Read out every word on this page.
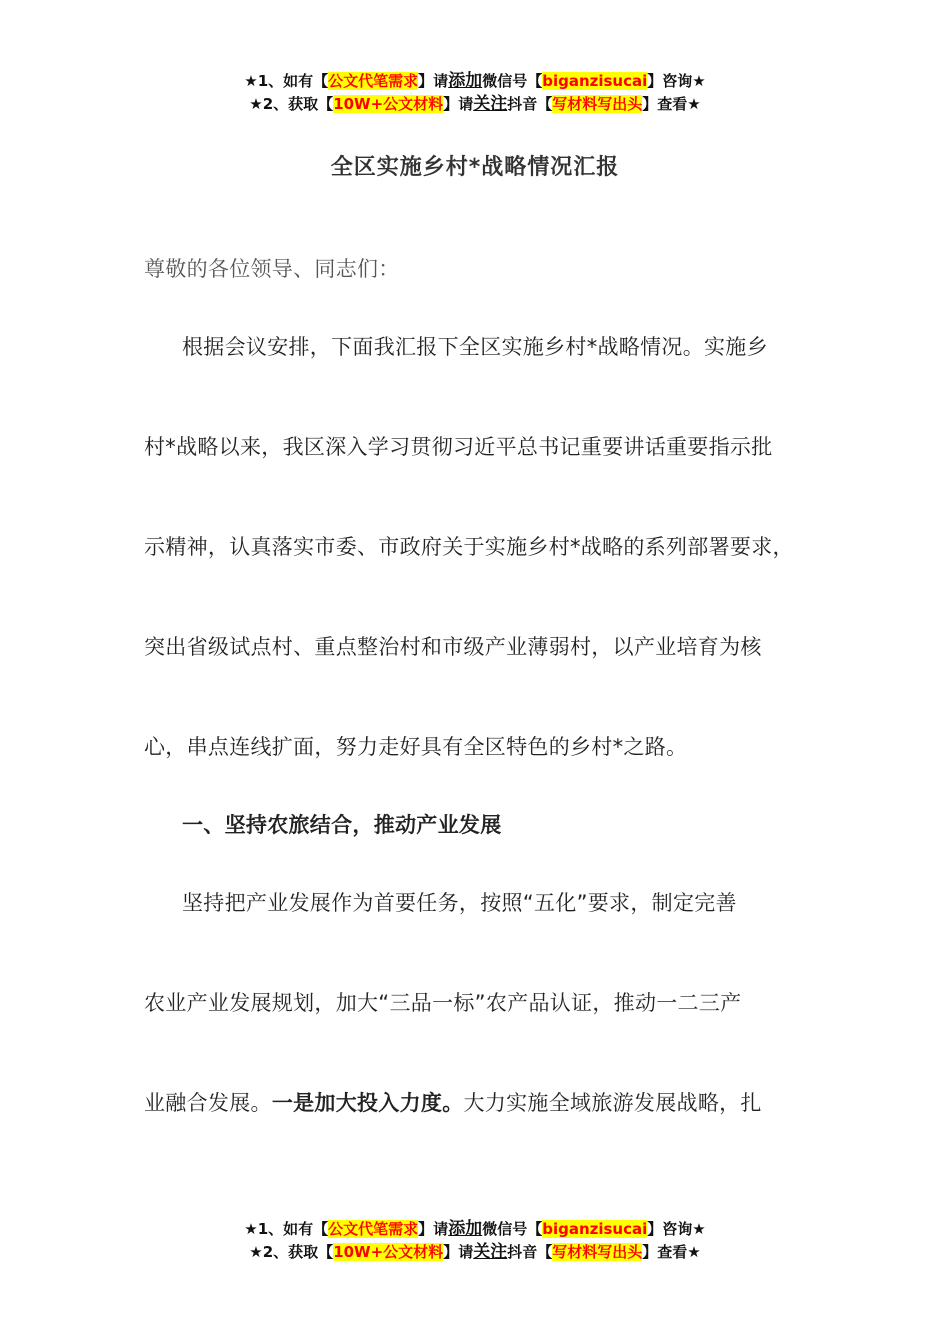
★1、如有【公文代笔需求】请添加微信号【biganzisucai】咨询★
★2、获取【10W+公文材料】请关注抖音【写材料写出头】查看★
全区实施乡村*战略情况汇报
尊敬的各位领导、同志们：
根据会议安排，下面我汇报下全区实施乡村*战略情况。实施乡
村*战略以来，我区深入学习贯彻习近平总书记重要讲话重要指示批
示精神，认真落实市委、市政府关于实施乡村*战略的系列部署要求，
突出省级试点村、重点整治村和市级产业薄弱村，以产业培育为核
心，串点连线扩面，努力走好具有全区特色的乡村*之路。
一、坚持农旅结合，推动产业发展
坚持把产业发展作为首要任务，按照“五化”要求，制定完善
农业产业发展规划，加大“三品一标”农产品认证，推动一二三产
业融合发展。一是加大投入力度。大力实施全域旅游发展战略，扎
★1、如有【公文代笔需求】请添加微信号【biganzisucai】咨询★
★2、获取【10W+公文材料】请关注抖音【写材料写出头】查看★
